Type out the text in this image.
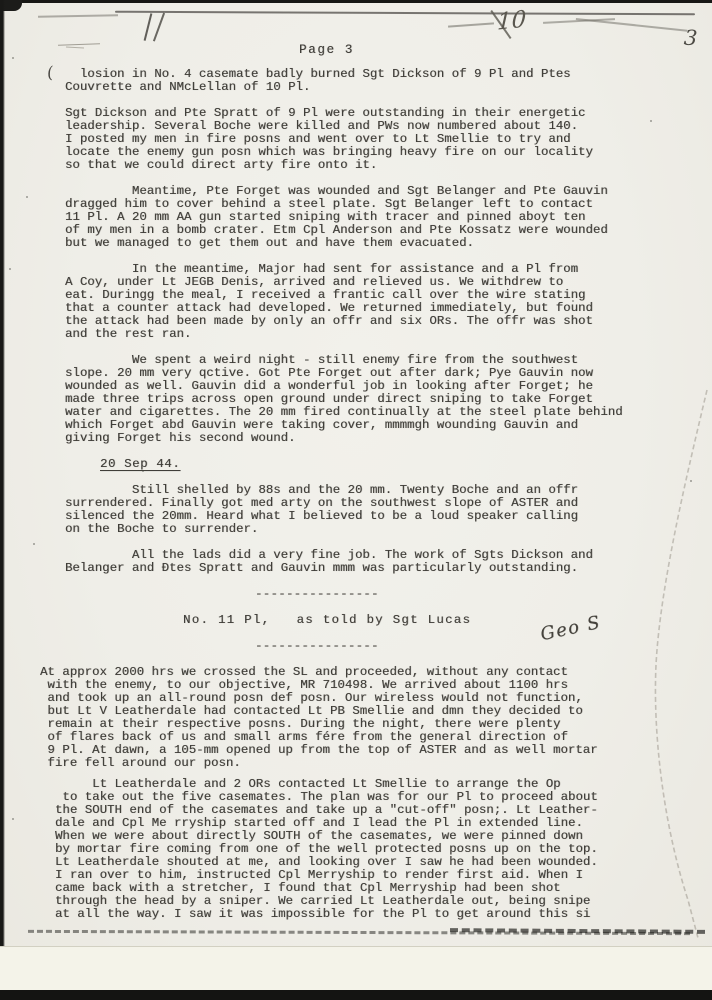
10
3
Geo S
(
Page 3
losion in No. 4 casemate badly burned Sgt Dickson of 9 Pl and Ptes
Couvrette and NMcLellan of 10 Pl.
Sgt Dickson and Pte Spratt of 9 Pl were outstanding in their energetic
leadership. Several Boche were killed and PWs now numbered about 140.
I posted my men in fire posns and went over to Lt Smellie to try and
locate the enemy gun posn which was bringing heavy fire on our locality
so that we could direct arty fire onto it.
Meantime, Pte Forget was wounded and Sgt Belanger and Pte Gauvin
dragged him to cover behind a steel plate. Sgt Belanger left to contact
11 Pl. A 20 mm AA gun started sniping with tracer and pinned aboyt ten
of my men in a bomb crater. Etm Cpl Anderson and Pte Kossatz were wounded
but we managed to get them out and have them evacuated.
In the meantime, Major had sent for assistance and a Pl from
A Coy, under Lt JEGB Denis, arrived and relieved us. We withdrew to
eat. Duringg the meal, I received a frantic call over the wire stating
that a counter attack had developed. We returned immediately, but found
the attack had been made by only an offr and six ORs. The offr was shot
and the rest ran.
We spent a weird night - still enemy fire from the southwest
slope. 20 mm very qctive. Got Pte Forget out after dark; Pye Gauvin now
wounded as well. Gauvin did a wonderful job in looking after Forget; he
made three trips across open ground under direct sniping to take Forget
water and cigarettes. The 20 mm fired continually at the steel plate behind
which Forget abd Gauvin were taking cover, mmmmgh wounding Gauvin and
giving Forget his second wound.
20 Sep 44.
Still shelled by 88s and the 20 mm. Twenty Boche and an offr
surrendered. Finally got med arty on the southwest slope of ASTER and
silenced the 20mm. Heard what I believed to be a loud speaker calling
on the Boche to surrender.
All the lads did a very fine job. The work of Sgts Dickson and
Belanger and Ðtes Spratt and Gauvin mmm was particularly outstanding.
----------------
No. 11 Pl,   as told by Sgt Lucas
----------------
At approx 2000 hrs we crossed the SL and proceeded, without any contact
with the enemy, to our objective, MR 710498. We arrived about 1100 hrs
and took up an all-round posn def posn. Our wireless would not function,
but Lt V Leatherdale had contacted Lt PB Smellie and dmn they decided to
remain at their respective posns. During the night, there were plenty
of flares back of us and small arms fére from the general direction of
9 Pl. At dawn, a 105-mm opened up from the top of ASTER and as well mortar
fire fell around our posn.
Lt Leatherdale and 2 ORs contacted Lt Smellie to arrange the Op
to take out the five casemates. The plan was for our Pl to proceed about
the SOUTH end of the casemates and take up a "cut-off" posn;. Lt Leather-
dale and Cpl Me rryship started off and I lead the Pl in extended line.
When we were about directly SOUTH of the casemates, we were pinned down
by mortar fire coming from one of the well protected posns up on the top.
Lt Leatherdale shouted at me, and looking over I saw he had been wounded.
I ran over to him, instructed Cpl Merryship to render first aid. When I
came back with a stretcher, I found that Cpl Merryship had been shot
through the head by a sniper. We carried Lt Leatherdale out, being snipe
at all the way. I saw it was impossible for the Pl to get around this si
